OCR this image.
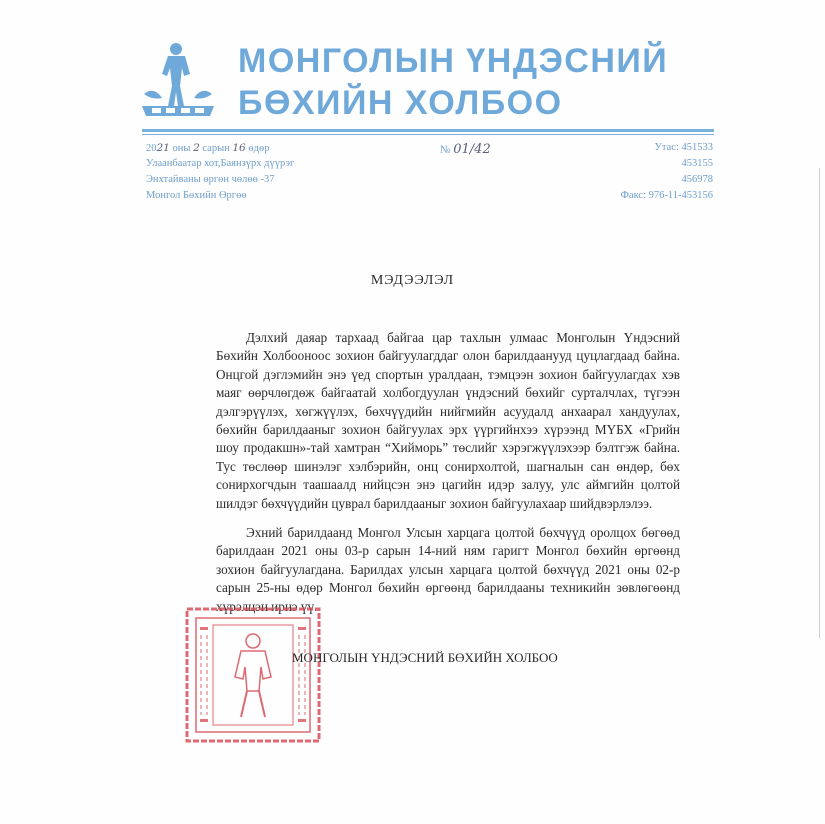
МОНГОЛЫН ҮНДЭСНИЙ
БӨХИЙН ХОЛБОО
2021 оны 2 сарын 16 өдөр	№ 01/42
Улаанбаатар хот,Баянзүрх дүүрэг
Энхтайваны өргөн чөлөө -37
Монгол Бөхийн Өргөө
Утас: 451533
453155
456978
Факс: 976-11-453156
МЭДЭЭЛЭЛ

Дэлхий даяар тархаад байгаа цар тахлын улмаас Монголын Үндэсний Бөхийн Холбооноос зохион байгуулагддаг олон барилдаанууд цуцлагдаад байна. Онцгой дэглэмийн энэ үед спортын уралдаан, тэмцээн зохион байгуулагдах хэв маяг өөрчлөгдөж байгаатай холбогдуулан үндэсний бөхийг сурталчлах, түгээн дэлгэрүүлэх, хөгжүүлэх, бөхчүүдийн нийгмийн асуудалд анхаарал хандуулах, бөхийн барилдааныг зохион байгуулах эрх үүргийнхээ хүрээнд МҮБХ «Грийн шоу продакшн»-тай хамтран “Хийморь” төслийг хэрэгжүүлэхээр бэлтгэж байна. Тус төслөөр шинэлэг хэлбэрийн, онц сонирхолтой, шагналын сан өндөр, бөх сонирхогчдын таашаалд нийцсэн энэ цагийн идэр залуу, улс аймгийн цолтой шилдэг бөхчүүдийн цуврал барилдааныг зохион байгуулахаар шийдвэрлэлээ.

Эхний барилдаанд Монгол Улсын харцага цолтой бөхчүүд оролцох бөгөөд барилдаан 2021 оны 03-р сарын 14-ний ням гаригт Монгол бөхийн өргөөнд зохион байгуулагдана. Барилдах улсын харцага цолтой бөхчүүд 2021 оны 02-р сарын 25-ны өдөр Монгол бөхийн өргөөнд барилдааны техникийн зөвлөгөөнд хүрэлцэн ирнэ үү.

МОНГОЛЫН ҮНДЭСНИЙ БӨХИЙН ХОЛБОО
